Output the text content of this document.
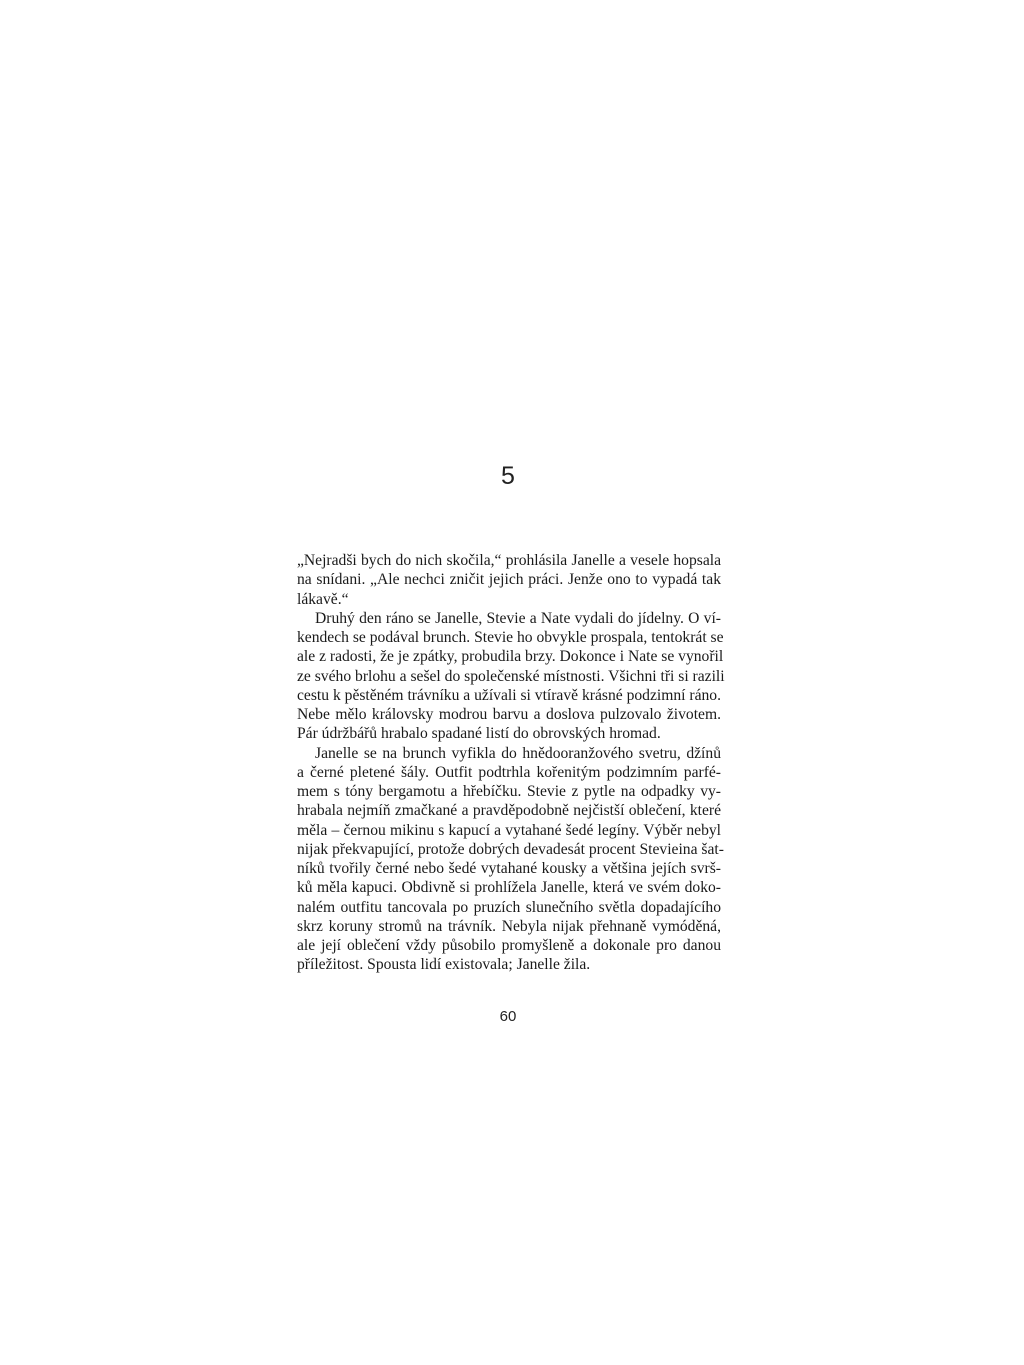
5
„Nejradši bych do nich skočila,“ prohlásila Janelle a vesele hopsala
na snídani. „Ale nechci zničit jejich práci. Jenže ono to vypadá tak
lákavě.“
Druhý den ráno se Janelle, Stevie a Nate vydali do jídelny. O ví-
kendech se podával brunch. Stevie ho obvykle prospala, tentokrát se
ale z radosti, že je zpátky, probudila brzy. Dokonce i Nate se vynořil
ze svého brlohu a sešel do společenské místnosti. Všichni tři si razili
cestu k pěstěném trávníku a užívali si vtíravě krásné podzimní ráno.
Nebe mělo královsky modrou barvu a doslova pulzovalo životem.
Pár údržbářů hrabalo spadané listí do obrovských hromad.
Janelle se na brunch vyfikla do hnědooranžového svetru, džínů
a černé pletené šály. Outfit podtrhla kořenitým podzimním parfé-
mem s tóny bergamotu a hřebíčku. Stevie z pytle na odpadky vy-
hrabala nejmíň zmačkané a pravděpodobně nejčistší oblečení, které
měla – černou mikinu s kapucí a vytahané šedé legíny. Výběr nebyl
nijak překvapující, protože dobrých devadesát procent Stevieina šat-
níků tvořily černé nebo šedé vytahané kousky a většina jejích svrš-
ků měla kapuci. Obdivně si prohlížela Janelle, která ve svém doko-
nalém outfitu tancovala po pruzích slunečního světla dopadajícího
skrz koruny stromů na trávník. Nebyla nijak přehnaně vymóděná,
ale její oblečení vždy působilo promyšleně a dokonale pro danou
příležitost. Spousta lidí existovala; Janelle žila.
60
